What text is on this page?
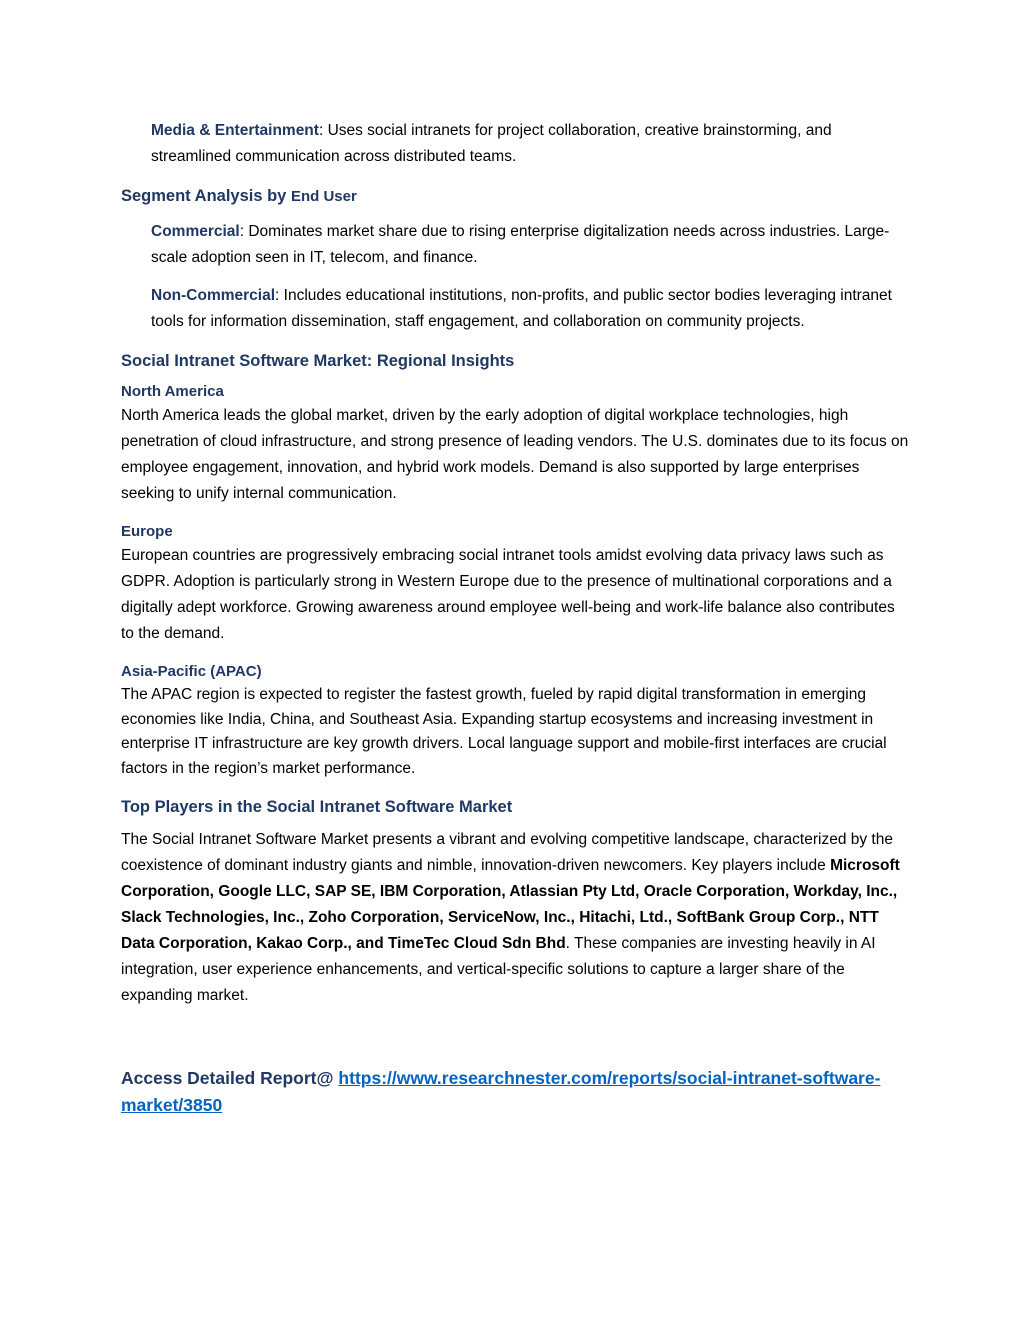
Media & Entertainment: Uses social intranets for project collaboration, creative brainstorming, and streamlined communication across distributed teams.

Segment Analysis by End User

Commercial: Dominates market share due to rising enterprise digitalization needs across industries. Large-scale adoption seen in IT, telecom, and finance.

Non-Commercial: Includes educational institutions, non-profits, and public sector bodies leveraging intranet tools for information dissemination, staff engagement, and collaboration on community projects.

Social Intranet Software Market: Regional Insights
North America

North America leads the global market, driven by the early adoption of digital workplace technologies, high penetration of cloud infrastructure, and strong presence of leading vendors. The U.S. dominates due to its focus on employee engagement, innovation, and hybrid work models. Demand is also supported by large enterprises seeking to unify internal communication.

Europe

European countries are progressively embracing social intranet tools amidst evolving data privacy laws such as GDPR. Adoption is particularly strong in Western Europe due to the presence of multinational corporations and a digitally adept workforce. Growing awareness around employee well-being and work-life balance also contributes to the demand.

Asia-Pacific (APAC)

The APAC region is expected to register the fastest growth, fueled by rapid digital transformation in emerging economies like India, China, and Southeast Asia. Expanding startup ecosystems and increasing investment in enterprise IT infrastructure are key growth drivers. Local language support and mobile-first interfaces are crucial factors in the region’s market performance.

Top Players in the Social Intranet Software Market

The Social Intranet Software Market presents a vibrant and evolving competitive landscape, characterized by the coexistence of dominant industry giants and nimble, innovation-driven newcomers. Key players include Microsoft Corporation, Google LLC, SAP SE, IBM Corporation, Atlassian Pty Ltd, Oracle Corporation, Workday, Inc., Slack Technologies, Inc., Zoho Corporation, ServiceNow, Inc., Hitachi, Ltd., SoftBank Group Corp., NTT Data Corporation, Kakao Corp., and TimeTec Cloud Sdn Bhd. These companies are investing heavily in AI integration, user experience enhancements, and vertical-specific solutions to capture a larger share of the expanding market.

Access Detailed Report@ https://www.researchnester.com/reports/social-intranet-software-market/3850
